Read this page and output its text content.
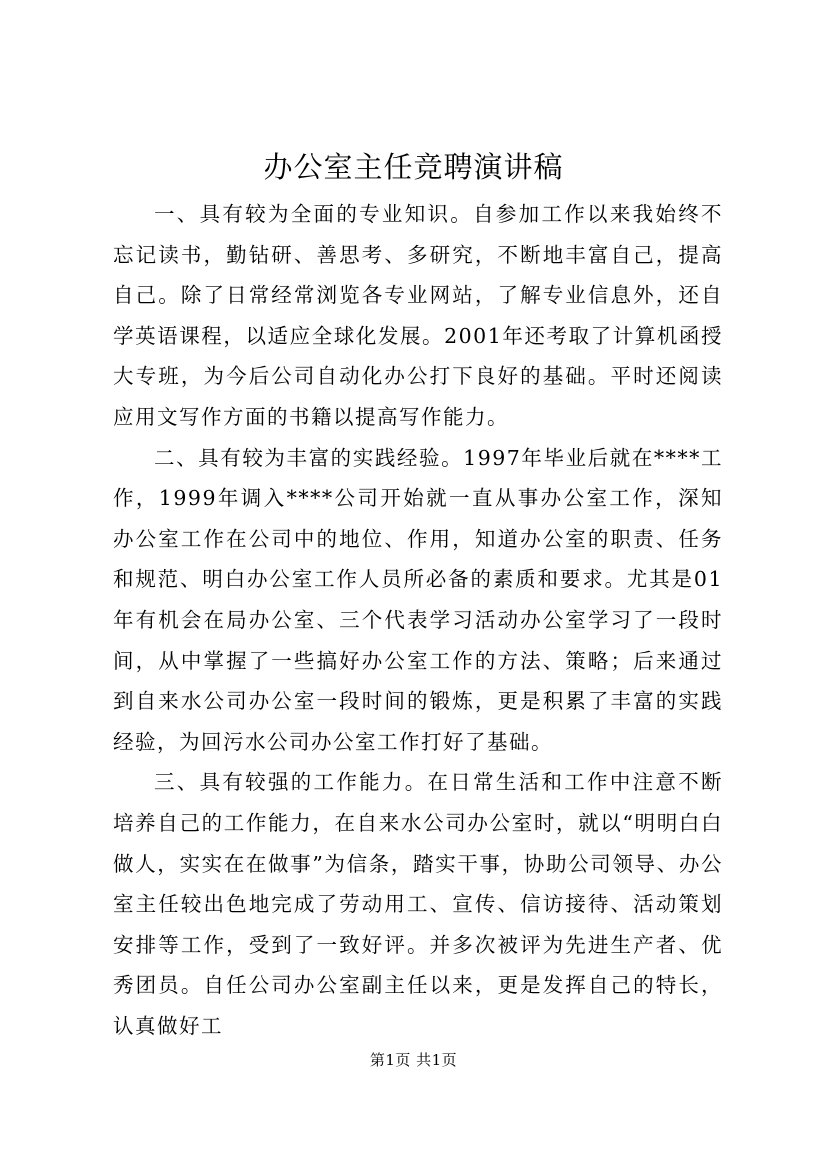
办公室主任竞聘演讲稿

一、具有较为全面的专业知识。自参加工作以来我始终不忘记读书，勤钻研、善思考、多研究，不断地丰富自己，提高自己。除了日常经常浏览各专业网站，了解专业信息外，还自学英语课程，以适应全球化发展。2001年还考取了计算机函授大专班，为今后公司自动化办公打下良好的基础。平时还阅读应用文写作方面的书籍以提高写作能力。

二、具有较为丰富的实践经验。1997年毕业后就在****工作，1999年调入****公司开始就一直从事办公室工作，深知办公室工作在公司中的地位、作用，知道办公室的职责、任务和规范、明白办公室工作人员所必备的素质和要求。尤其是01年有机会在局办公室、三个代表学习活动办公室学习了一段时间，从中掌握了一些搞好办公室工作的方法、策略；后来通过到自来水公司办公室一段时间的锻炼，更是积累了丰富的实践经验，为回污水公司办公室工作打好了基础。

三、具有较强的工作能力。在日常生活和工作中注意不断培养自己的工作能力，在自来水公司办公室时，就以“明明白白做人，实实在在做事”为信条，踏实干事，协助公司领导、办公室主任较出色地完成了劳动用工、宣传、信访接待、活动策划安排等工作，受到了一致好评。并多次被评为先进生产者、优秀团员。自任公司办公室副主任以来，更是发挥自己的特长，认真做好工

第1页 共1页
